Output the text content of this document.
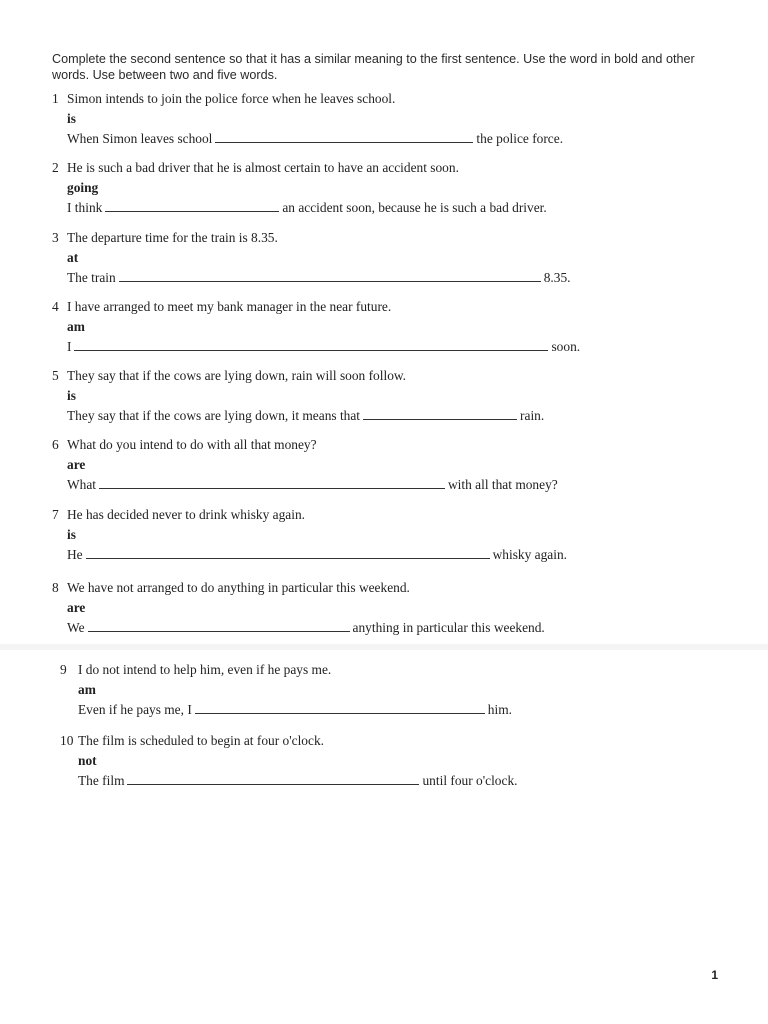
Complete the second sentence so that it has a similar meaning to the first sentence. Use the word in bold and other words. Use between two and five words.
1 Simon intends to join the police force when he leaves school.
is
When Simon leaves school	the police force.
2 He is such a bad driver that he is almost certain to have an accident soon.
going
I think	an accident soon, because he is such a bad driver.
3 The departure time for the train is 8.35.
at
The train	8.35.
4 I have arranged to meet my bank manager in the near future.
am
I	soon.
5 They say that if the cows are lying down, rain will soon follow.
is
They say that if the cows are lying down, it means that	rain.
6 What do you intend to do with all that money?
are
What	with all that money?
7 He has decided never to drink whisky again.
is
He	whisky again.
8 We have not arranged to do anything in particular this weekend.
are
We	anything in particular this weekend.
9 I do not intend to help him, even if he pays me.
am
Even if he pays me, I	him.
10 The film is scheduled to begin at four o'clock.
not
The film	until four o'clock.
1
